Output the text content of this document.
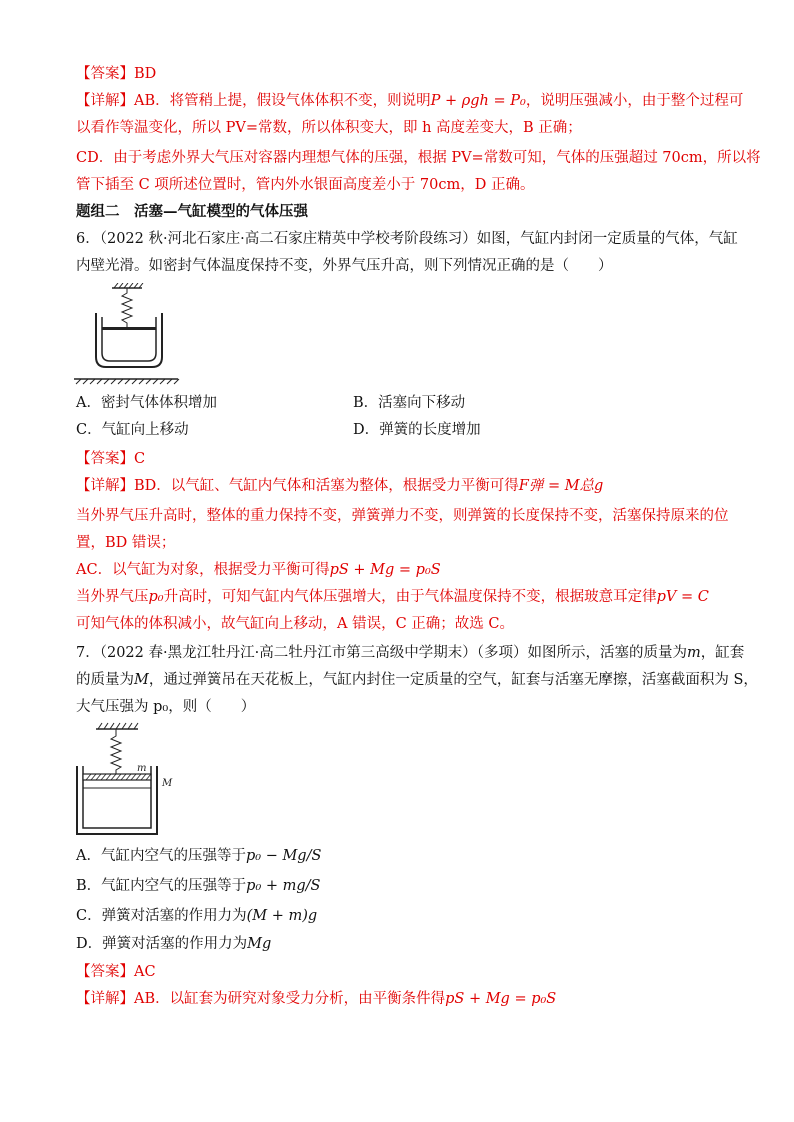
【答案】BD
【详解】AB．将管稍上提，假设气体体积不变，则说明P + ρgh = P₀，说明压强减小，由于整个过程可
以看作等温变化，所以 PV=常数，所以体积变大，即 h 高度差变大，B 正确；
CD．由于考虑外界大气压对容器内理想气体的压强，根据 PV=常数可知，气体的压强超过 70cm，所以将
管下插至 C 项所述位置时，管内外水银面高度差小于 70cm，D 正确。
题组二　活塞—气缸模型的气体压强
6．（2022 秋·河北石家庄·高二石家庄精英中学校考阶段练习）如图，气缸内封闭一定质量的气体，气缸
内壁光滑。如密封气体温度保持不变，外界气压升高，则下列情况正确的是（　　）
A．密封气体体积增加	B．活塞向下移动
C．气缸向上移动	D．弹簧的长度增加
【答案】C
【详解】BD．以气缸、气缸内气体和活塞为整体，根据受力平衡可得F弹 = M总g
当外界气压升高时，整体的重力保持不变，弹簧弹力不变，则弹簧的长度保持不变，活塞保持原来的位
置，BD 错误；
AC．以气缸为对象，根据受力平衡可得pS + Mg = p₀S
当外界气压p₀升高时，可知气缸内气体压强增大，由于气体温度保持不变，根据玻意耳定律pV = C
可知气体的体积减小，故气缸向上移动，A 错误，C 正确；故选 C。
7．（2022 春·黑龙江牡丹江·高二牡丹江市第三高级中学期末）（多项）如图所示，活塞的质量为m，缸套
的质量为M，通过弹簧吊在天花板上，气缸内封住一定质量的空气，缸套与活塞无摩擦，活塞截面积为 S，
大气压强为 p₀，则（　　）
m
M
A．气缸内空气的压强等于p₀ − Mg/S
B．气缸内空气的压强等于p₀ + mg/S
C．弹簧对活塞的作用力为(M + m)g
D．弹簧对活塞的作用力为Mg
【答案】AC
【详解】AB．以缸套为研究对象受力分析，由平衡条件得pS + Mg = p₀S
